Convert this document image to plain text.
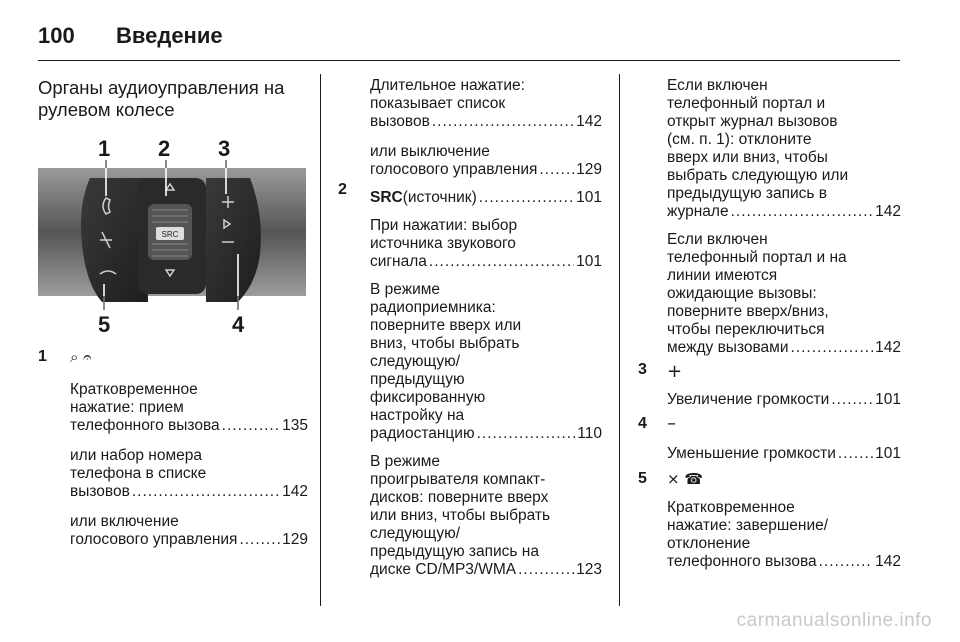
100	Введение
Органы аудиоуправления на рулевом колесе
SRC
1 2 3
4
5
1 ⌕ 𝄐
Кратковременное
нажатие: прием
телефонного вызова .....	135
или набор номера
телефона в списке
вызовов .....	142
или включение
голосового управления .....	129
Длительное нажатие:
показывает список
вызовов .....	142
или выключение
голосового управления ..... 129
SRC (источник) .....	101
При нажатии: выбор
источника звукового
сигнала .....	101
В режиме
радиоприемника:
поверните вверх или
вниз, чтобы выбрать
следующую/
предыдущую
фиксированную
настройку на
радиостанцию .....	110
В режиме
проигрывателя компакт-
дисков: поверните вверх
или вниз, чтобы выбрать
следующую/
предыдущую запись на
диске CD/MP3/WMA .....	123
2
Если включен
телефонный портал и
открыт журнал вызовов
(см. п. 1): отклоните
вверх или вниз, чтобы
выбрать следующую или
предыдущую запись в
журнале .....	142
Если включен
телефонный портал и на
линии имеются
ожидающие вызовы:
поверните вверх/вниз,
чтобы переключиться
между вызовами .....	142
3 +
Увеличение громкости .....	101
4 –
Уменьшение громкости .....	101
5 ⨯ ☎
Кратковременное
нажатие: завершение/
отклонение
телефонного вызова .....	142
carmanualsonline.info
